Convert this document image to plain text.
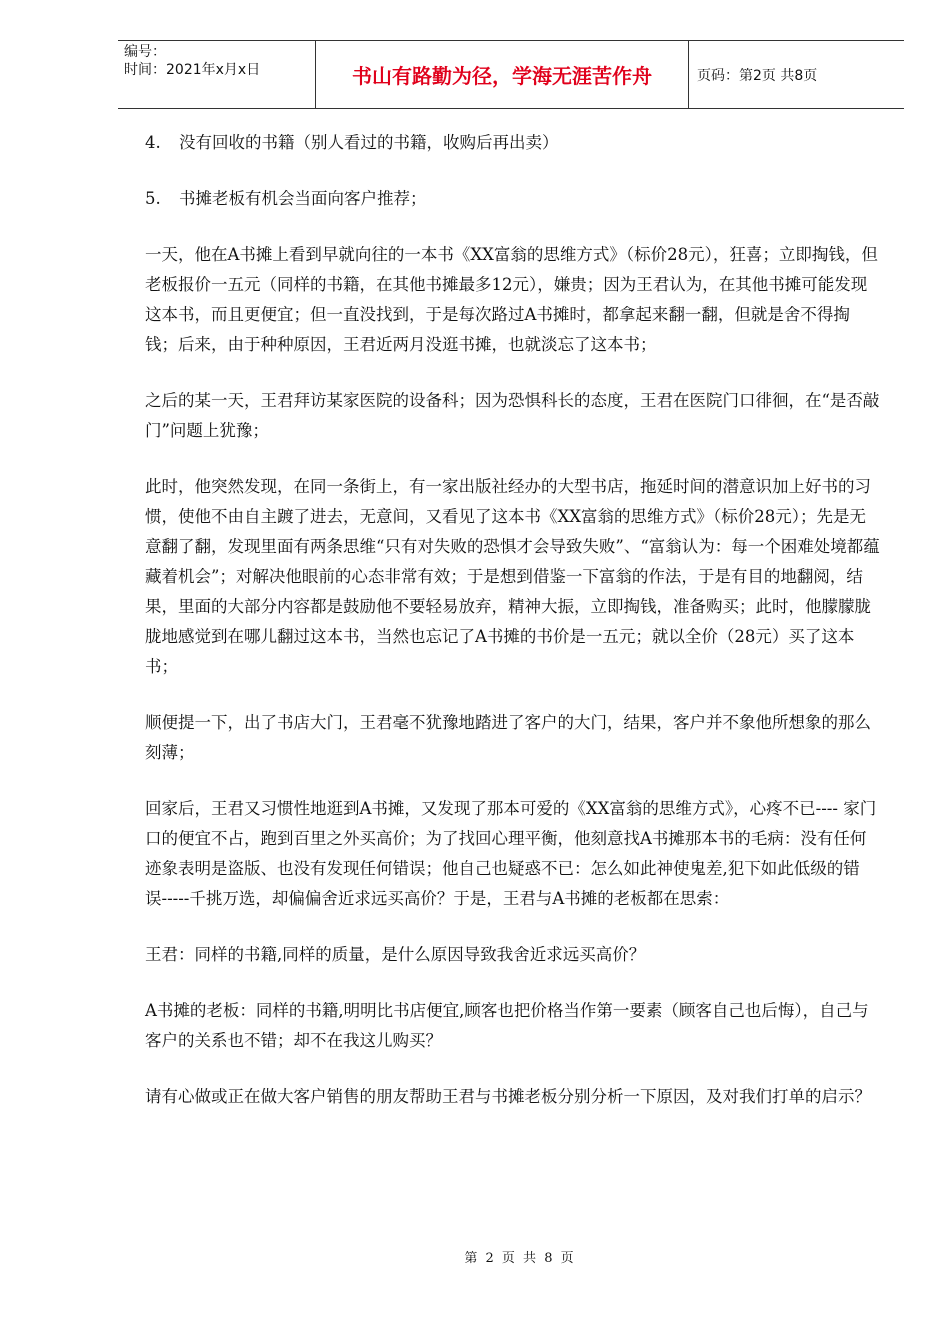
编号：
时间：2021年x月x日	书山有路勤为径，学海无涯苦作舟	页码：第2页 共8页

4. 没有回收的书籍（别人看过的书籍，收购后再出卖）

5. 书摊老板有机会当面向客户推荐；

一天，他在A书摊上看到早就向往的一本书《XX富翁的思维方式》（标价28元），狂喜；立即掏钱，但老板报价一五元（同样的书籍，在其他书摊最多12元），嫌贵；因为王君认为，在其他书摊可能发现这本书，而且更便宜；但一直没找到，于是每次路过A书摊时，都拿起来翻一翻，但就是舍不得掏钱；后来，由于种种原因，王君近两月没逛书摊，也就淡忘了这本书；

之后的某一天，王君拜访某家医院的设备科；因为恐惧科长的态度，王君在医院门口徘徊，在“是否敲门”问题上犹豫；

此时，他突然发现，在同一条街上，有一家出版社经办的大型书店，拖延时间的潜意识加上好书的习惯，使他不由自主踱了进去，无意间，又看见了这本书《XX富翁的思维方式》（标价28元）；先是无意翻了翻，发现里面有两条思维“只有对失败的恐惧才会导致失败”、“富翁认为：每一个困难处境都蕴藏着机会”；对解决他眼前的心态非常有效；于是想到借鉴一下富翁的作法，于是有目的地翻阅，结果，里面的大部分内容都是鼓励他不要轻易放弃，精神大振，立即掏钱，准备购买；此时，他朦朦胧胧地感觉到在哪儿翻过这本书，当然也忘记了A书摊的书价是一五元；就以全价（28元）买了这本书；

顺便提一下，出了书店大门，王君毫不犹豫地踏进了客户的大门，结果，客户并不象他所想象的那么刻薄；

回家后，王君又习惯性地逛到A书摊，又发现了那本可爱的《XX富翁的思维方式》，心疼不已---- 家门口的便宜不占，跑到百里之外买高价；为了找回心理平衡，他刻意找A书摊那本书的毛病：没有任何迹象表明是盗版、也没有发现任何错误；他自己也疑惑不已：怎么如此神使鬼差,犯下如此低级的错误-----千挑万选，却偏偏舍近求远买高价？于是，王君与A书摊的老板都在思索：

王君：同样的书籍,同样的质量，是什么原因导致我舍近求远买高价？

A书摊的老板：同样的书籍,明明比书店便宜,顾客也把价格当作第一要素（顾客自己也后悔），自己与客户的关系也不错；却不在我这儿购买？

请有心做或正在做大客户销售的朋友帮助王君与书摊老板分别分析一下原因，及对我们打单的启示？

第 2 页 共 8 页
